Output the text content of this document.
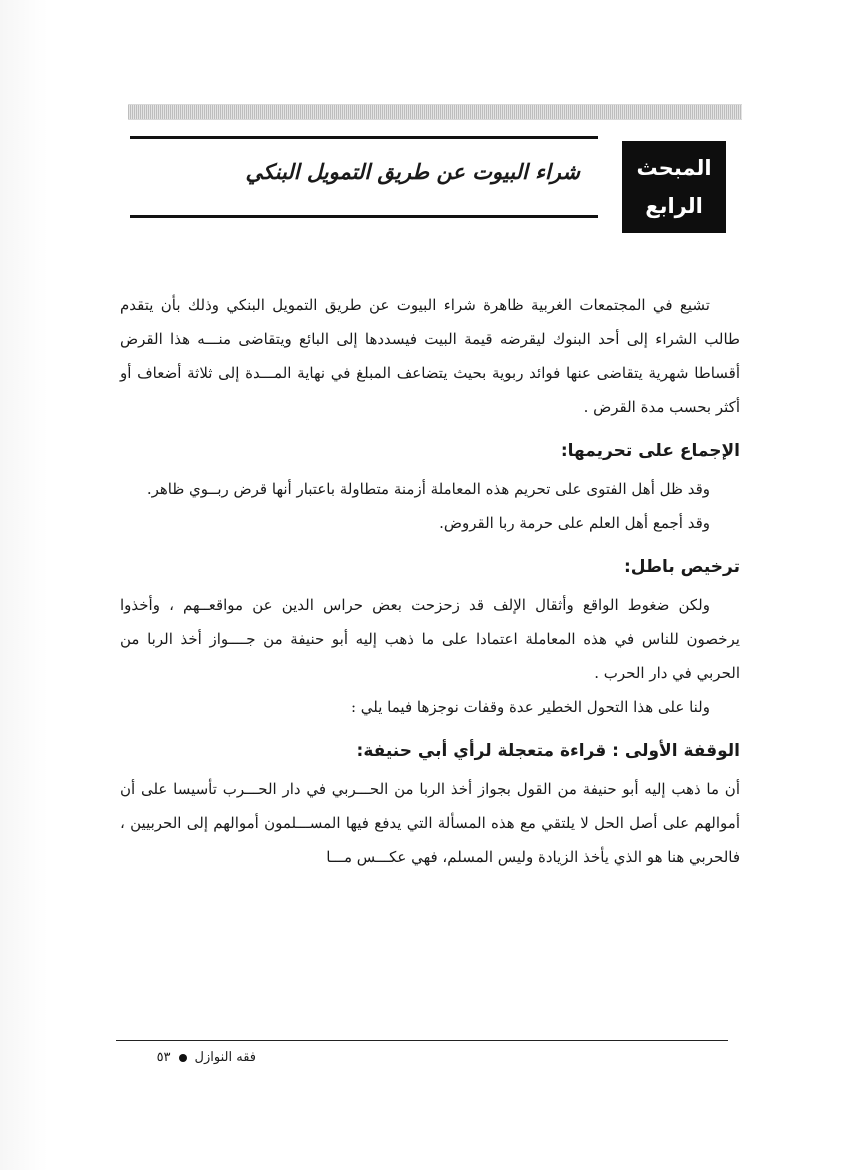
المبحث
الرابع
شراء البيوت عن طريق التمويل البنكي

تشيع في المجتمعات الغربية ظاهرة شراء البيوت عن طريق التمويل البنكي وذلك بأن يتقدم طالب الشراء إلى أحد البنوك ليقرضه قيمة البيت فيسددها إلى البائع ويتقاضى منـــه هذا القرض أقساطا شهرية يتقاضى عنها فوائد ربوية بحيث يتضاعف المبلغ في نهاية المـــدة إلى ثلاثة أضعاف أو أكثر بحسب مدة القرض .

الإجماع على تحريمها:

وقد ظل أهل الفتوى على تحريم هذه المعاملة أزمنة متطاولة باعتبار أنها قرض ربــوي ظاهر.

وقد أجمع أهل العلم على حرمة ربا القروض.

ترخيص باطل:

ولكن ضغوط الواقع وأثقال الإلف قد زحزحت بعض حراس الدين عن مواقعــهم ، وأخذوا يرخصون للناس في هذه المعاملة اعتمادا على ما ذهب إليه أبو حنيفة من جــــواز أخذ الربا من الحربي في دار الحرب .

ولنا على هذا التحول الخطير عدة وقفات نوجزها فيما يلي :

الوقفة الأولى : قراءة متعجلة لرأي أبي حنيفة:

أن ما ذهب إليه أبو حنيفة من القول بجواز أخذ الربا من الحـــربي في دار الحـــرب تأسيسا على أن أموالهم على أصل الحل لا يلتقي مع هذه المسألة التي يدفع فيها المســـلمون أموالهم إلى الحربيين ، فالحربي هنا هو الذي يأخذ الزيادة وليس المسلم، فهي عكـــس مـــا

فقه النوازل
٥٣
